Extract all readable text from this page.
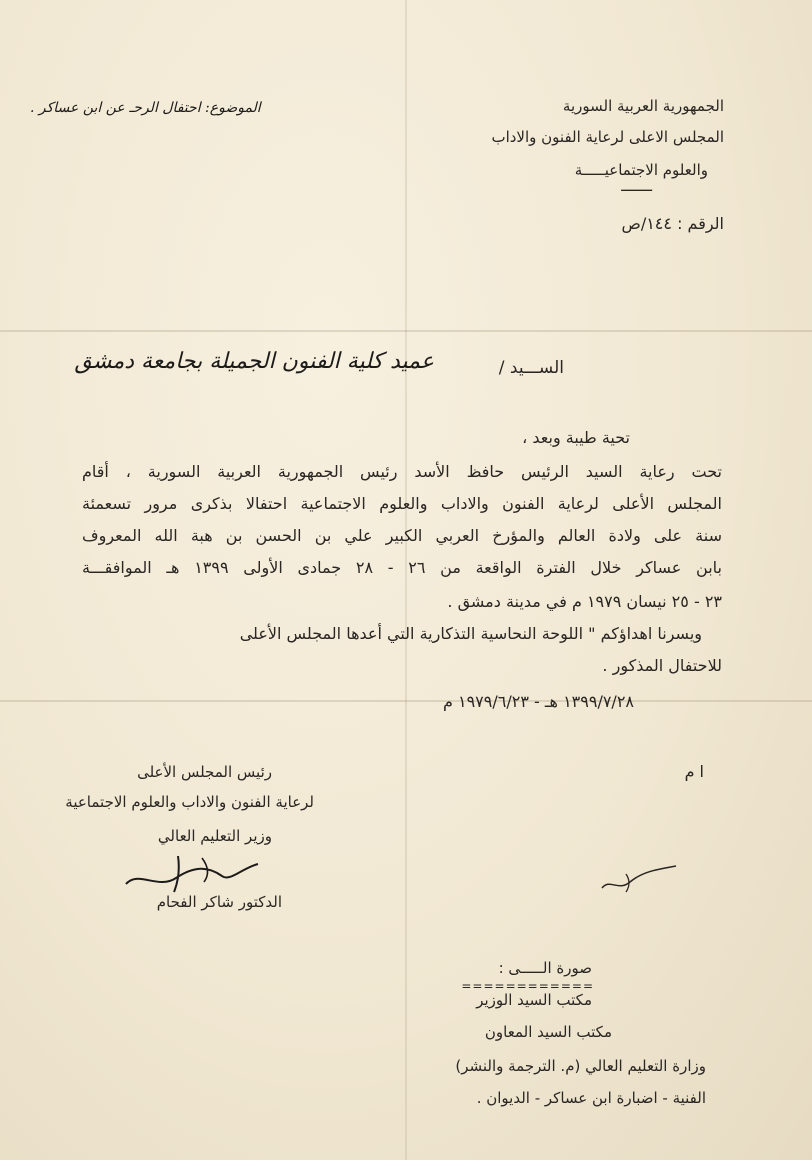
الجمهورية العربية السورية
المجلس الاعلى لرعاية الفنون والاداب
والعلوم الاجتماعيـــــة
ـــــــ
الموضوع: احتفال الرحـ عن ابن عساكر .
الرقم : ١٤٤/ص
الســـيد /
عميد كلية الفنون الجميلة بجامعة دمشق
تحية طيبة وبعد ،
تحت رعاية السيد الرئيس حافظ الأسد رئيس الجمهورية العربية السورية ، أقام
المجلس الأعلى لرعاية الفنون والاداب والعلوم الاجتماعية احتفالا بذكرى مرور تسعمئة
سنة على ولادة العالم والمؤرخ العربي الكبير علي بن الحسن بن هبة الله المعروف
بابن عساكر خلال الفترة الواقعة من ٢٦ - ٢٨ جمادى الأولى ١٣٩٩ هـ الموافقـــة
٢٣ - ٢٥ نيسان ١٩٧٩ م في مدينة دمشق .
ويسرنا اهداؤكم " اللوحة النحاسية التذكارية التي أعدها المجلس الأعلى
للاحتفال المذكور .
١٣٩٩/٧/٢٨ هـ - ١٩٧٩/٦/٢٣ م
ا م
رئيس المجلس الأعلى
لرعاية الفنون والاداب والعلوم الاجتماعية
وزير التعليم العالي
الدكتور شاكر الفحام
صورة الـــــى :
============
مكتب السيد الوزير
مكتب السيد المعاون
وزارة التعليم العالي (م. الترجمة والنشر)
الفنية - اضبارة ابن عساكر - الديوان .
